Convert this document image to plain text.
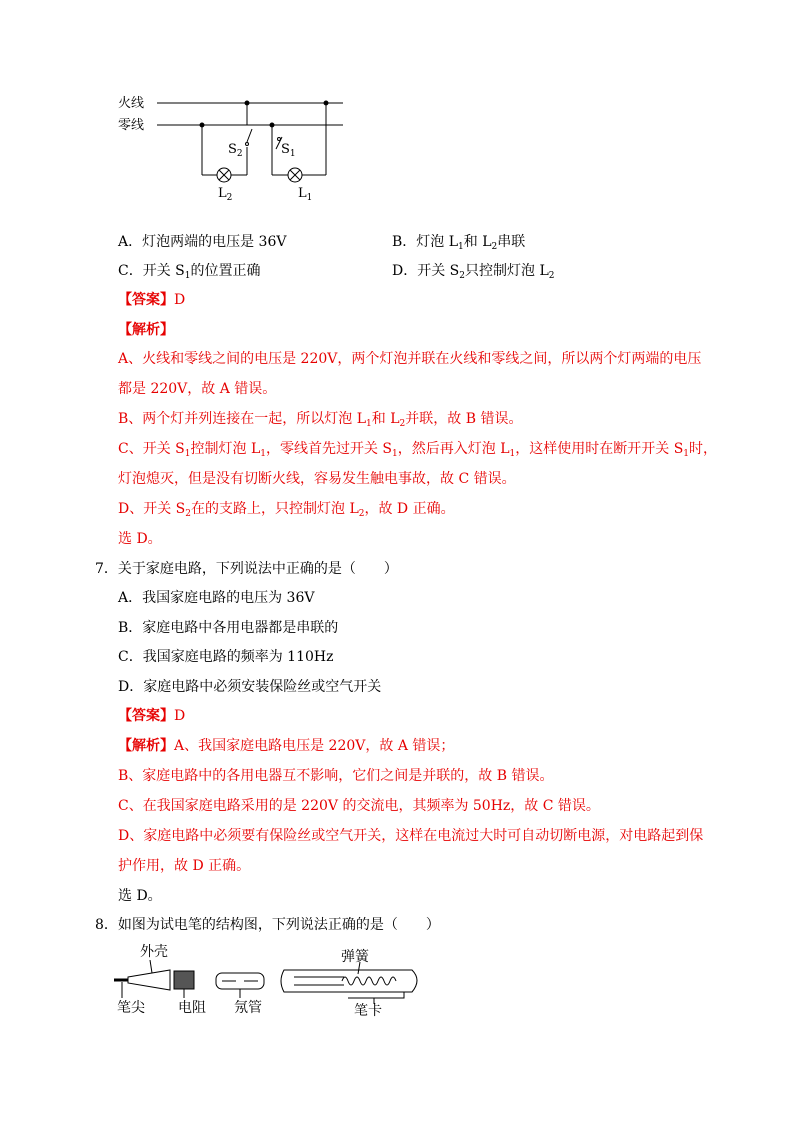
火线
零线
$S_2$	$S_1$
$L_2$	$L_1$
A．灯泡两端的电压是 36V	B．灯泡 $L_1$和 $L_2$串联
C．开关 $S_1$的位置正确	D．开关 $S_2$只控制灯泡 $L_2$
【答案】D
【解析】
A、火线和零线之间的电压是 220V，两个灯泡并联在火线和零线之间，所以两个灯两端的电压
都是 220V，故 A 错误。
B、两个灯并列连接在一起，所以灯泡 $L_1$和 $L_2$并联，故 B 错误。
C、开关 $S_1$控制灯泡 $L_1$，零线首先过开关 $S_1$，然后再入灯泡 $L_1$，这样使用时在断开开关 $S_1$时，
灯泡熄灭，但是没有切断火线，容易发生触电事故，故 C 错误。
D、开关 $S_2$在的支路上，只控制灯泡 $L_2$，故 D 正确。
选 D。
7．关于家庭电路，下列说法中正确的是（　　）
A．我国家庭电路的电压为 36V
B．家庭电路中各用电器都是串联的
C．我国家庭电路的频率为 110Hz
D．家庭电路中必须安装保险丝或空气开关
【答案】D
【解析】A、我国家庭电路电压是 220V，故 A 错误；
B、家庭电路中的各用电器互不影响，它们之间是并联的，故 B 错误。
C、在我国家庭电路采用的是 220V 的交流电，其频率为 50Hz，故 C 错误。
D、家庭电路中必须要有保险丝或空气开关，这样在电流过大时可自动切断电源，对电路起到保
护作用，故 D 正确。
选 D。
8．如图为试电笔的结构图，下列说法正确的是（　　）
外壳	弹簧
笔尖 电阻 氖管	笔卡
